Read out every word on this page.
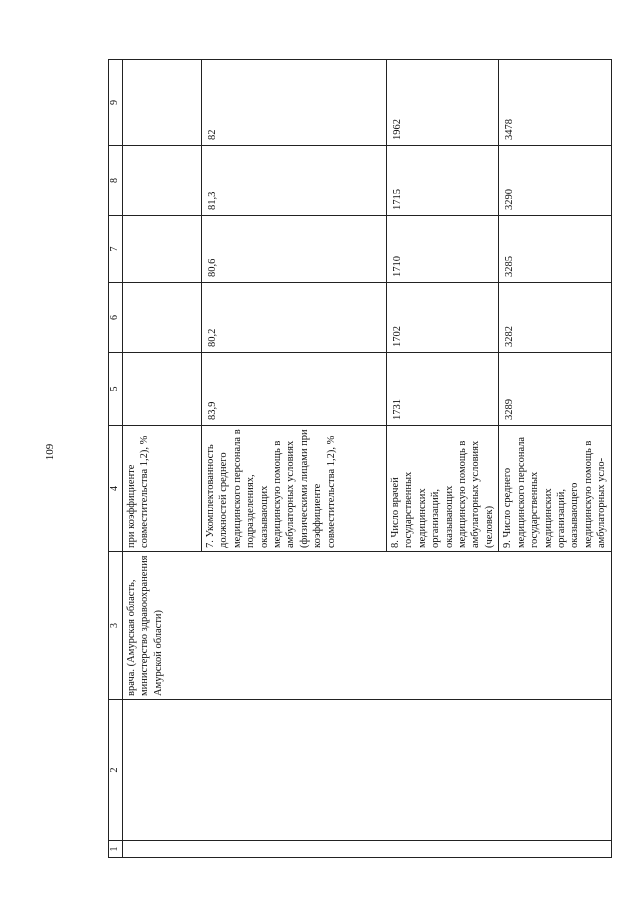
109
1	2	3	4	5	6	7	8	9
		врача. (Амурская область, министерство здравоохранения Амурской области)	при коэффициенте совместительства 1,2), %					
			7. Укомплектованность должностей среднего медицинского персонала в подразделениях, оказывающих медицинскую помощь в амбулаторных условиях (физическими лицами при коэффициенте совместительства 1,2), %	83,9	80,2	80,6	81,3	82
			8. Число врачей государственных медицинских организаций, оказывающих медицинскую помощь в амбулаторных условиях (человек)	1731	1702	1710	1715	1962
			9. Число среднего медицинского персонала государственных медицинских организаций, оказывающего медицинскую помощь в амбулаторных усло-	3289	3282	3285	3290	3478
